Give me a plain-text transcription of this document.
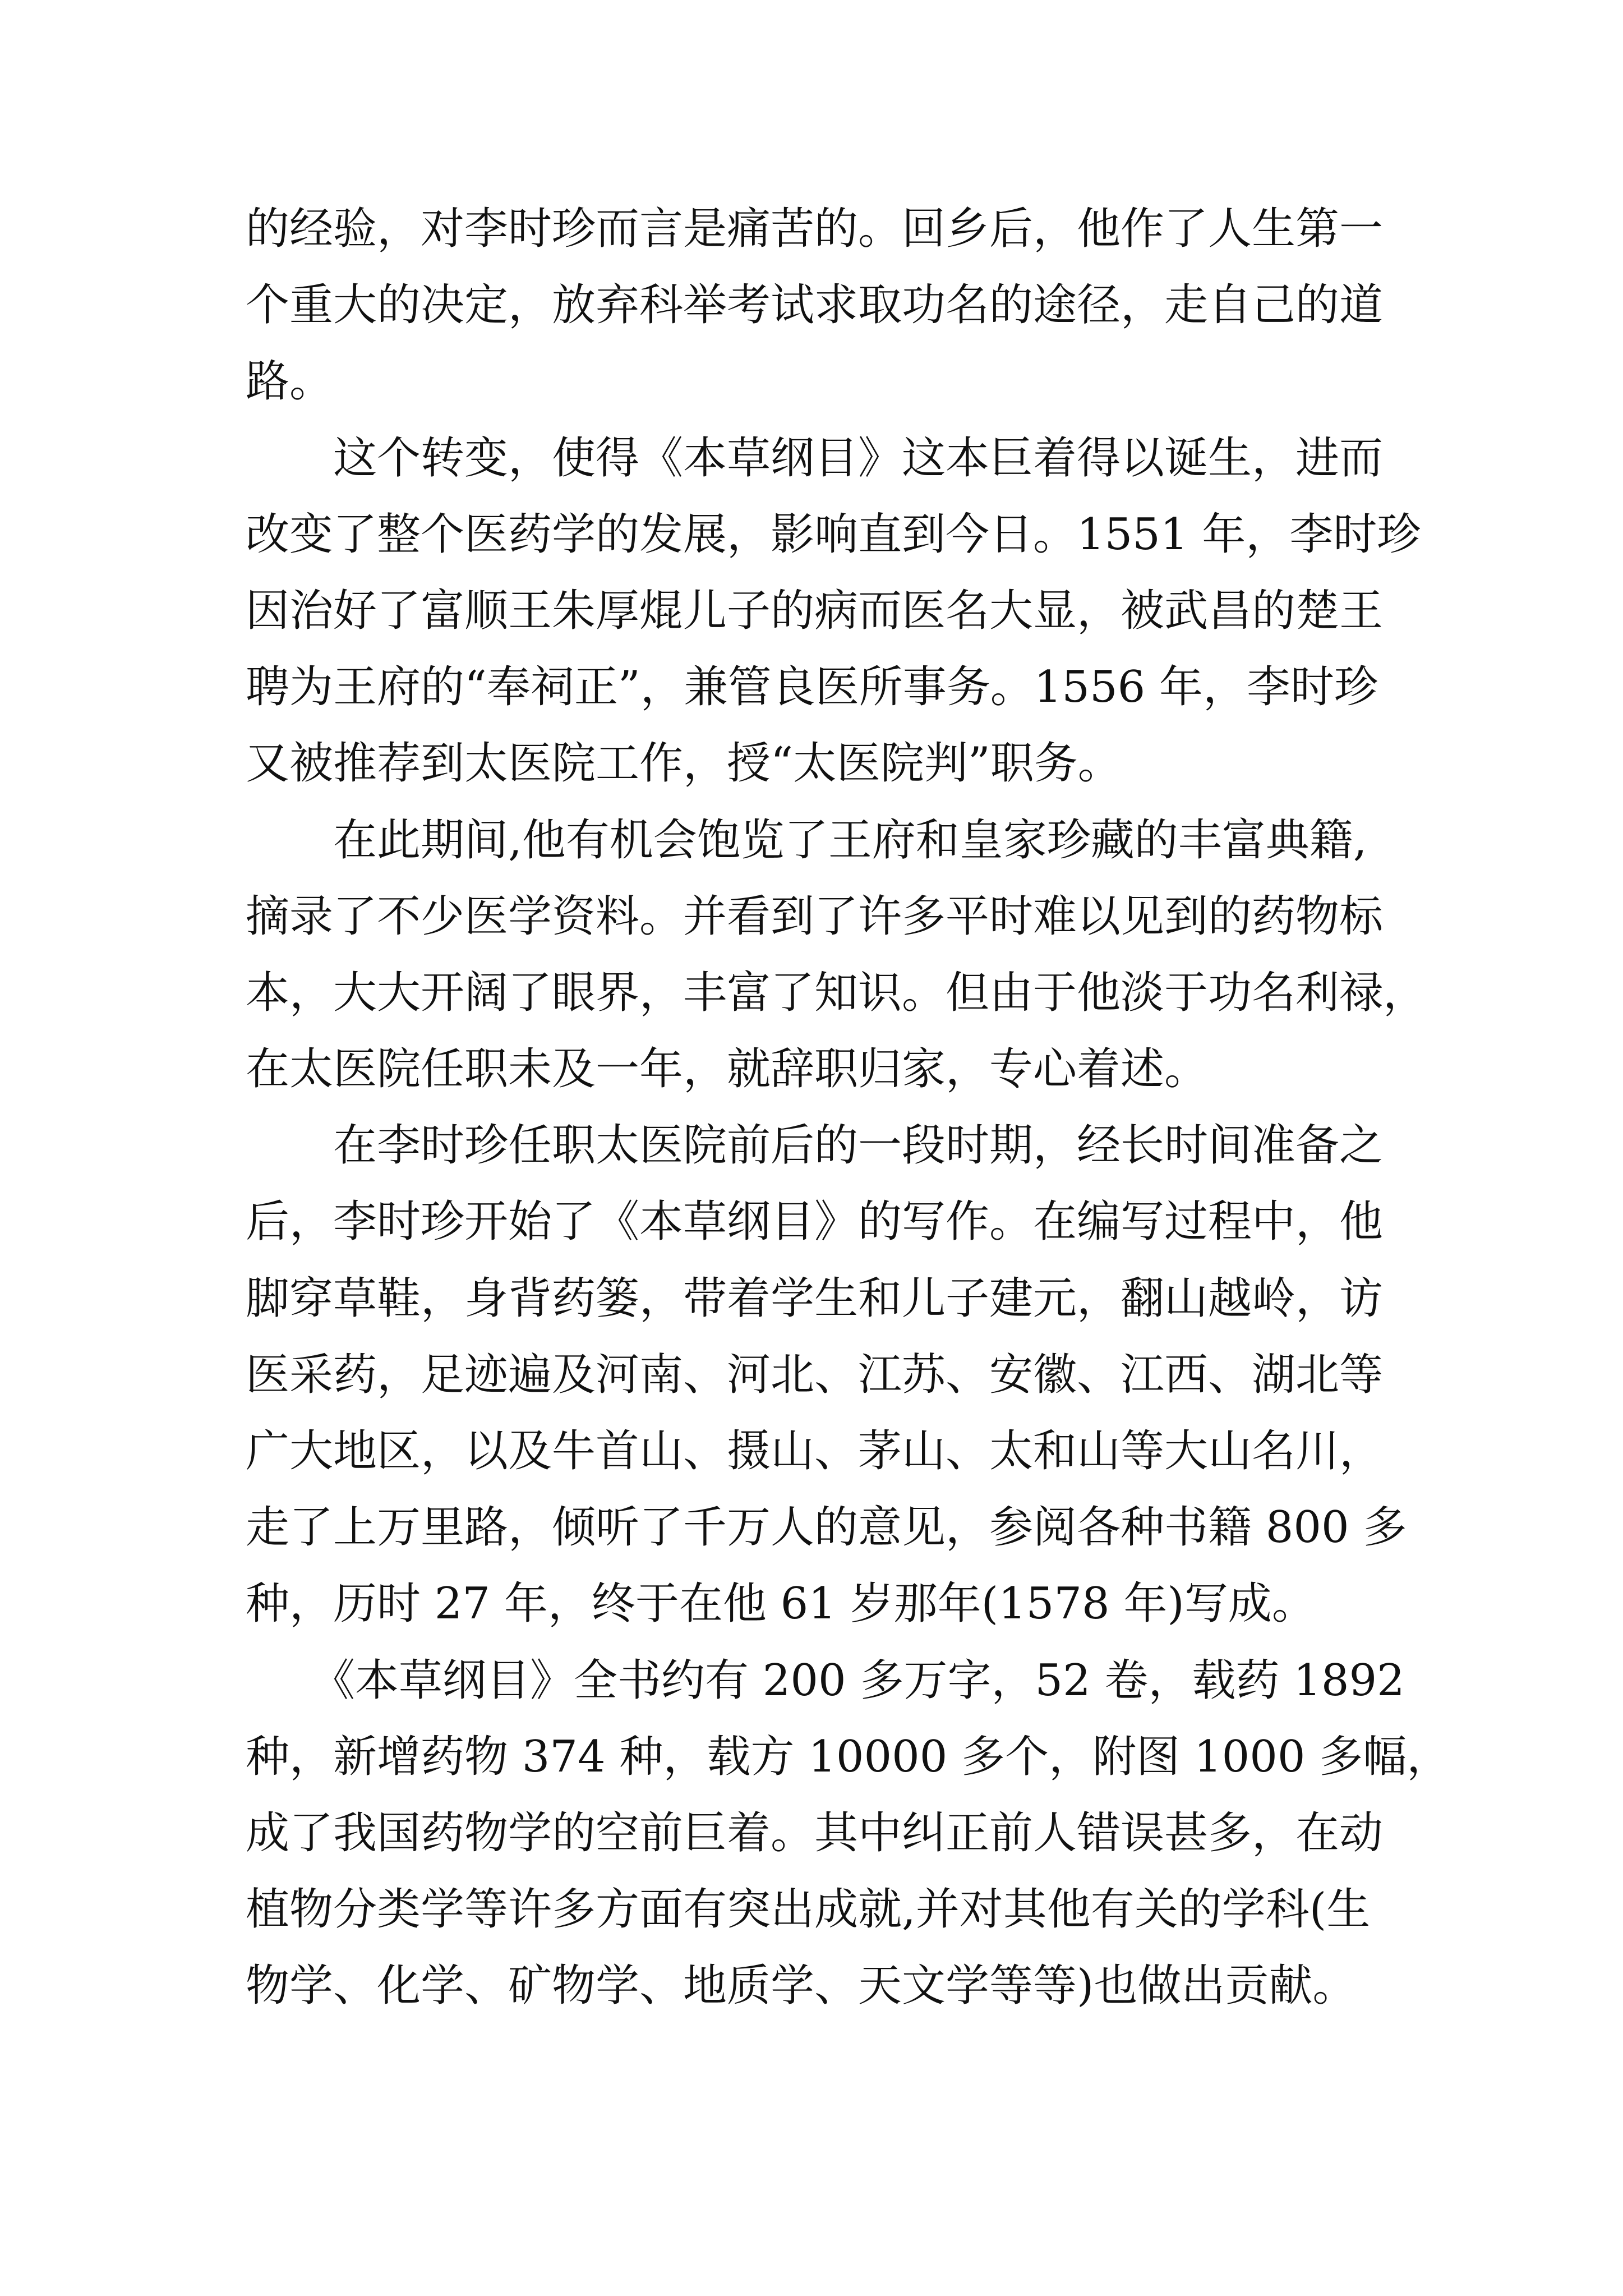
的经验，对李时珍而言是痛苦的。回乡后，他作了人生第一
个重大的决定，放弃科举考试求取功名的途径，走自己的道
路。
　　这个转变，使得《本草纲目》这本巨着得以诞生，进而
改变了整个医药学的发展，影响直到今日。1551 年，李时珍
因治好了富顺王朱厚焜儿子的病而医名大显，被武昌的楚王
聘为王府的“奉祠正”，兼管良医所事务。1556 年，李时珍
又被推荐到太医院工作，授“太医院判”职务。
　　在此期间,他有机会饱览了王府和皇家珍藏的丰富典籍,
摘录了不少医学资料。并看到了许多平时难以见到的药物标
本，大大开阔了眼界，丰富了知识。但由于他淡于功名利禄，
在太医院任职未及一年，就辞职归家，专心着述。
　　在李时珍任职太医院前后的一段时期，经长时间准备之
后，李时珍开始了《本草纲目》的写作。在编写过程中，他
脚穿草鞋，身背药篓，带着学生和儿子建元，翻山越岭，访
医采药，足迹遍及河南、河北、江苏、安徽、江西、湖北等
广大地区，以及牛首山、摄山、茅山、太和山等大山名川，
走了上万里路，倾听了千万人的意见，参阅各种书籍 800 多
种，历时 27 年，终于在他 61 岁那年(1578 年)写成。
　　《本草纲目》全书约有 200 多万字，52 卷，载药 1892
种，新增药物 374 种，载方 10000 多个，附图 1000 多幅，
成了我国药物学的空前巨着。其中纠正前人错误甚多，在动
植物分类学等许多方面有突出成就,并对其他有关的学科(生
物学、化学、矿物学、地质学、天文学等等)也做出贡献。
